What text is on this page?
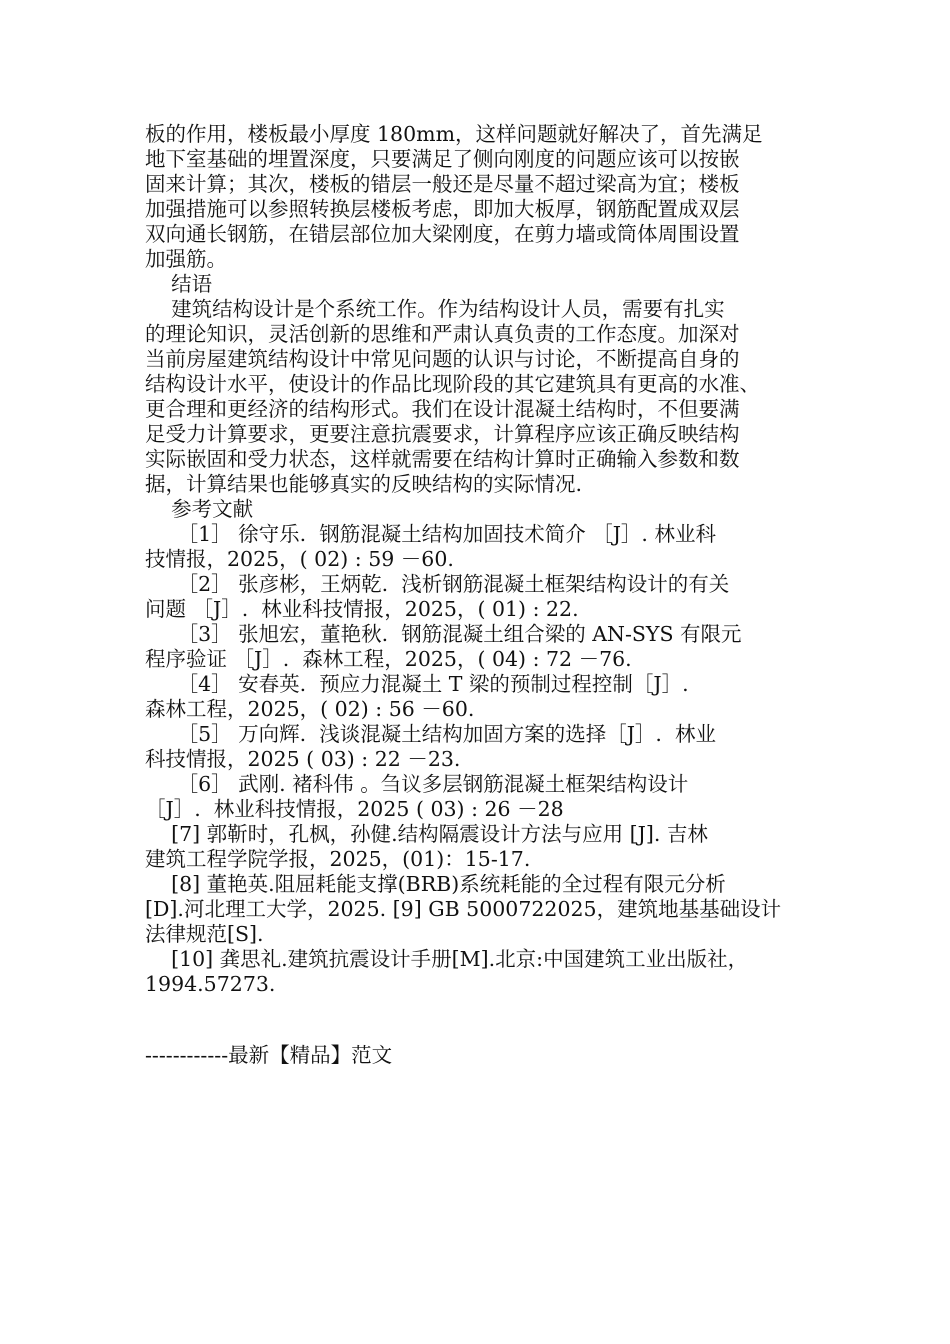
板的作用，楼板最小厚度 180mm，这样问题就好解决了，首先满足
地下室基础的埋置深度，只要满足了侧向刚度的问题应该可以按嵌
固来计算；其次，楼板的错层一般还是尽量不超过梁高为宜；楼板
加强措施可以参照转换层楼板考虑，即加大板厚，钢筋配置成双层
双向通长钢筋，在错层部位加大梁刚度，在剪力墙或筒体周围设置
加强筋。
结语
建筑结构设计是个系统工作。作为结构设计人员，需要有扎实
的理论知识，灵活创新的思维和严肃认真负责的工作态度。加深对
当前房屋建筑结构设计中常见问题的认识与讨论，不断提高自身的
结构设计水平，使设计的作品比现阶段的其它建筑具有更高的水准、
更合理和更经济的结构形式。我们在设计混凝土结构时，不但要满
足受力计算要求，更要注意抗震要求，计算程序应该正确反映结构
实际嵌固和受力状态，这样就需要在结构计算时正确输入参数和数
据，计算结果也能够真实的反映结构的实际情况.
参考文献
［1］ 徐守乐.  钢筋混凝土结构加固技术简介 ［J］. 林业科
技情报，2025，( 02) : 59 －60.
［2］ 张彦彬，王炳乾.  浅析钢筋混凝土框架结构设计的有关
问题 ［J］.  林业科技情报，2025，( 01) : 22.
［3］ 张旭宏，董艳秋.  钢筋混凝土组合梁的 AN-SYS 有限元
程序验证 ［J］.  森林工程，2025，( 04) : 72 －76.
［4］ 安春英.  预应力混凝土 T 梁的预制过程控制［J］.
森林工程，2025，( 02) : 56 －60.
［5］ 万向辉.  浅谈混凝土结构加固方案的选择［J］.  林业
科技情报，2025 ( 03) : 22 －23.
［6］ 武刚. 褚科伟 。刍议多层钢筋混凝土框架结构设计
［J］.  林业科技情报，2025 ( 03) : 26 －28
[7] 郭靳时，孔枫，孙健.结构隔震设计方法与应用 [J]. 吉林
建筑工程学院学报，2025，(01)：15-17.
[8] 董艳英.阻屈耗能支撑(BRB)系统耗能的全过程有限元分析
[D].河北理工大学，2025. [9] GB 5000722025，建筑地基基础设计
法律规范[S].
[10] 龚思礼.建筑抗震设计手册[M].北京:中国建筑工业出版社，
1994.57273.
------------最新【精品】范文
